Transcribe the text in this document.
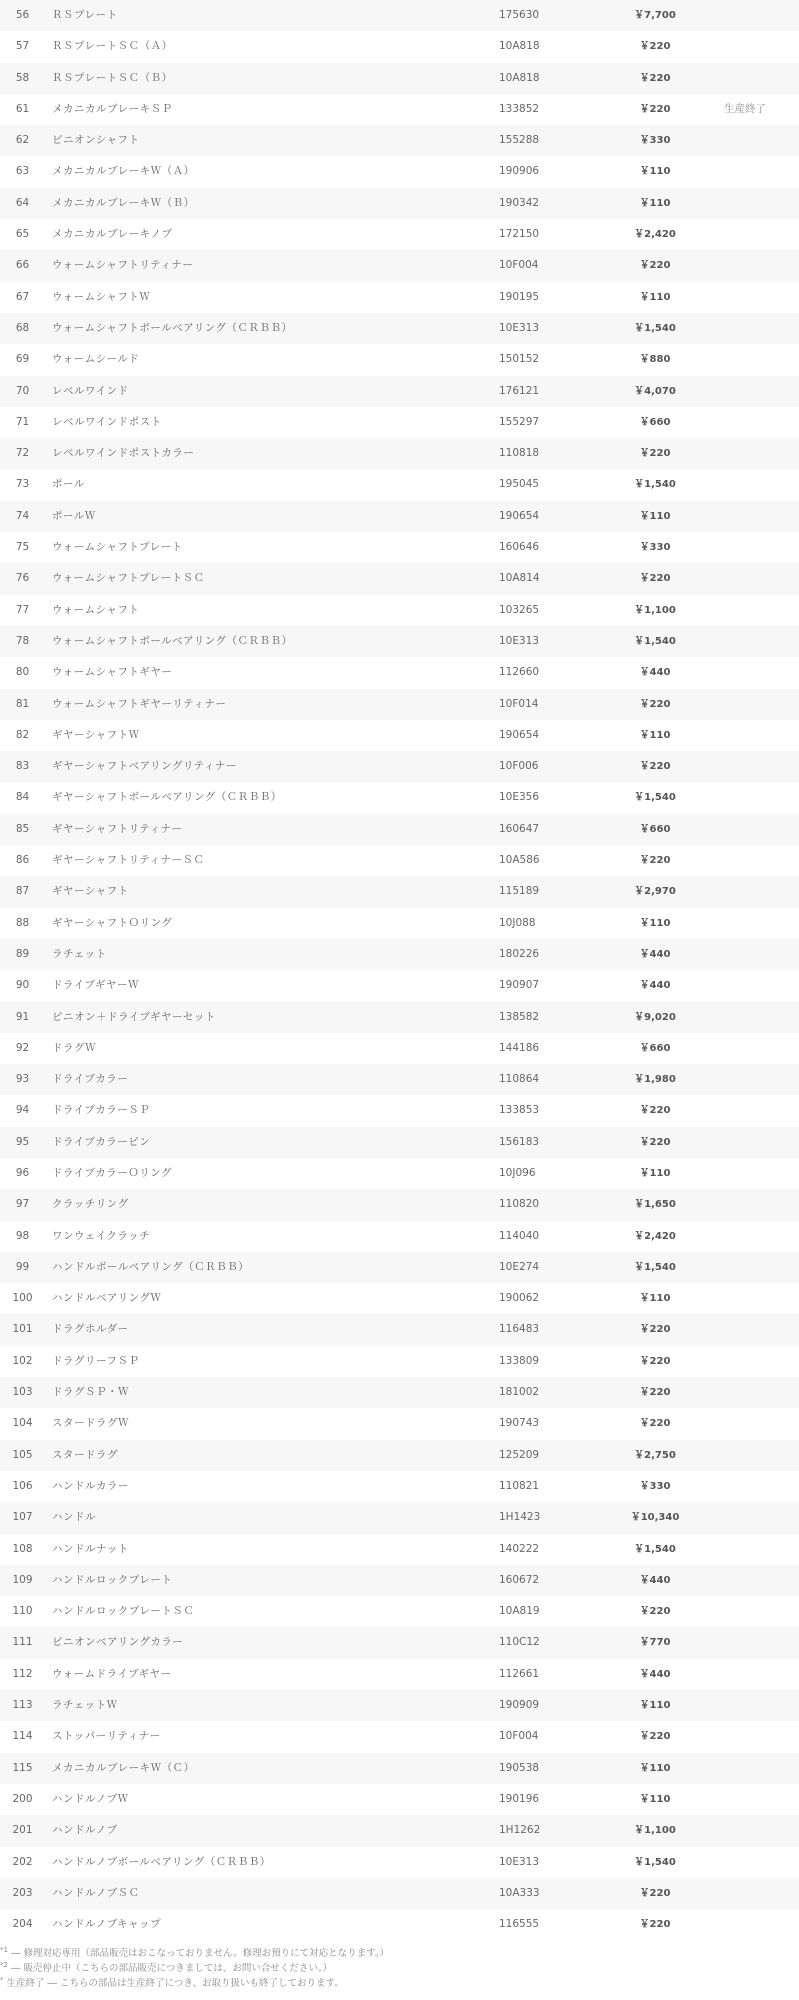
56	ＲＳプレート	175630	￥7,700
57	ＲＳプレートＳＣ（Ａ）	10A818	￥220
58	ＲＳプレートＳＣ（Ｂ）	10A818	￥220
61	メカニカルブレーキＳＰ	133852	￥220	生産終了
62	ピニオンシャフト	155288	￥330
63	メカニカルブレーキＷ（Ａ）	190906	￥110
64	メカニカルブレーキＷ（Ｂ）	190342	￥110
65	メカニカルブレーキノブ	172150	￥2,420
66	ウォームシャフトリティナー	10F004	￥220
67	ウォームシャフトＷ	190195	￥110
68	ウォームシャフトボールベアリング（ＣＲＢＢ）	10E313	￥1,540
69	ウォームシールド	150152	￥880
70	レベルワインド	176121	￥4,070
71	レベルワインドポスト	155297	￥660
72	レベルワインドポストカラー	110818	￥220
73	ポール	195045	￥1,540
74	ポールＷ	190654	￥110
75	ウォームシャフトプレート	160646	￥330
76	ウォームシャフトプレートＳＣ	10A814	￥220
77	ウォームシャフト	103265	￥1,100
78	ウォームシャフトボールベアリング（ＣＲＢＢ）	10E313	￥1,540
80	ウォームシャフトギヤー	112660	￥440
81	ウォームシャフトギヤーリティナー	10F014	￥220
82	ギヤーシャフトＷ	190654	￥110
83	ギヤーシャフトベアリングリティナー	10F006	￥220
84	ギヤーシャフトボールベアリング（ＣＲＢＢ）	10E356	￥1,540
85	ギヤーシャフトリティナー	160647	￥660
86	ギヤーシャフトリティナーＳＣ	10A586	￥220
87	ギヤーシャフト	115189	￥2,970
88	ギヤーシャフトＯリング	10J088	￥110
89	ラチェット	180226	￥440
90	ドライブギヤーＷ	190907	￥440
91	ピニオン＋ドライブギヤーセット	138582	￥9,020
92	ドラグＷ	144186	￥660
93	ドライブカラー	110864	￥1,980
94	ドライブカラーＳＰ	133853	￥220
95	ドライブカラーピン	156183	￥220
96	ドライブカラーＯリング	10J096	￥110
97	クラッチリング	110820	￥1,650
98	ワンウェイクラッチ	114040	￥2,420
99	ハンドルボールベアリング（ＣＲＢＢ）	10E274	￥1,540
100	ハンドルベアリングＷ	190062	￥110
101	ドラグホルダー	116483	￥220
102	ドラグリーフＳＰ	133809	￥220
103	ドラグＳＰ・Ｗ	181002	￥220
104	スタードラグＷ	190743	￥220
105	スタードラグ	125209	￥2,750
106	ハンドルカラー	110821	￥330
107	ハンドル	1H1423	￥10,340
108	ハンドルナット	140222	￥1,540
109	ハンドルロックプレート	160672	￥440
110	ハンドルロックプレートＳＣ	10A819	￥220
111	ピニオンベアリングカラー	110C12	￥770
112	ウォームドライブギヤー	112661	￥440
113	ラチェットＷ	190909	￥110
114	ストッパーリティナー	10F004	￥220
115	メカニカルブレーキＷ（Ｃ）	190538	￥110
200	ハンドルノブＷ	190196	￥110
201	ハンドルノブ	1H1262	￥1,100
202	ハンドルノブボールベアリング（ＣＲＢＢ）	10E313	￥1,540
203	ハンドルノブＳＣ	10A333	￥220
204	ハンドルノブキャップ	116555	￥220
$^{*1}$ ― 修理対応専用（部品販売はおこなっておりません。修理お預りにて対応となります。）
$^{*2}$ ― 販売停止中（こちらの部品販売につきましては、お問い合せください。）
* 生産終了 ― こちらの部品は生産終了につき、お取り扱いも終了しております。
